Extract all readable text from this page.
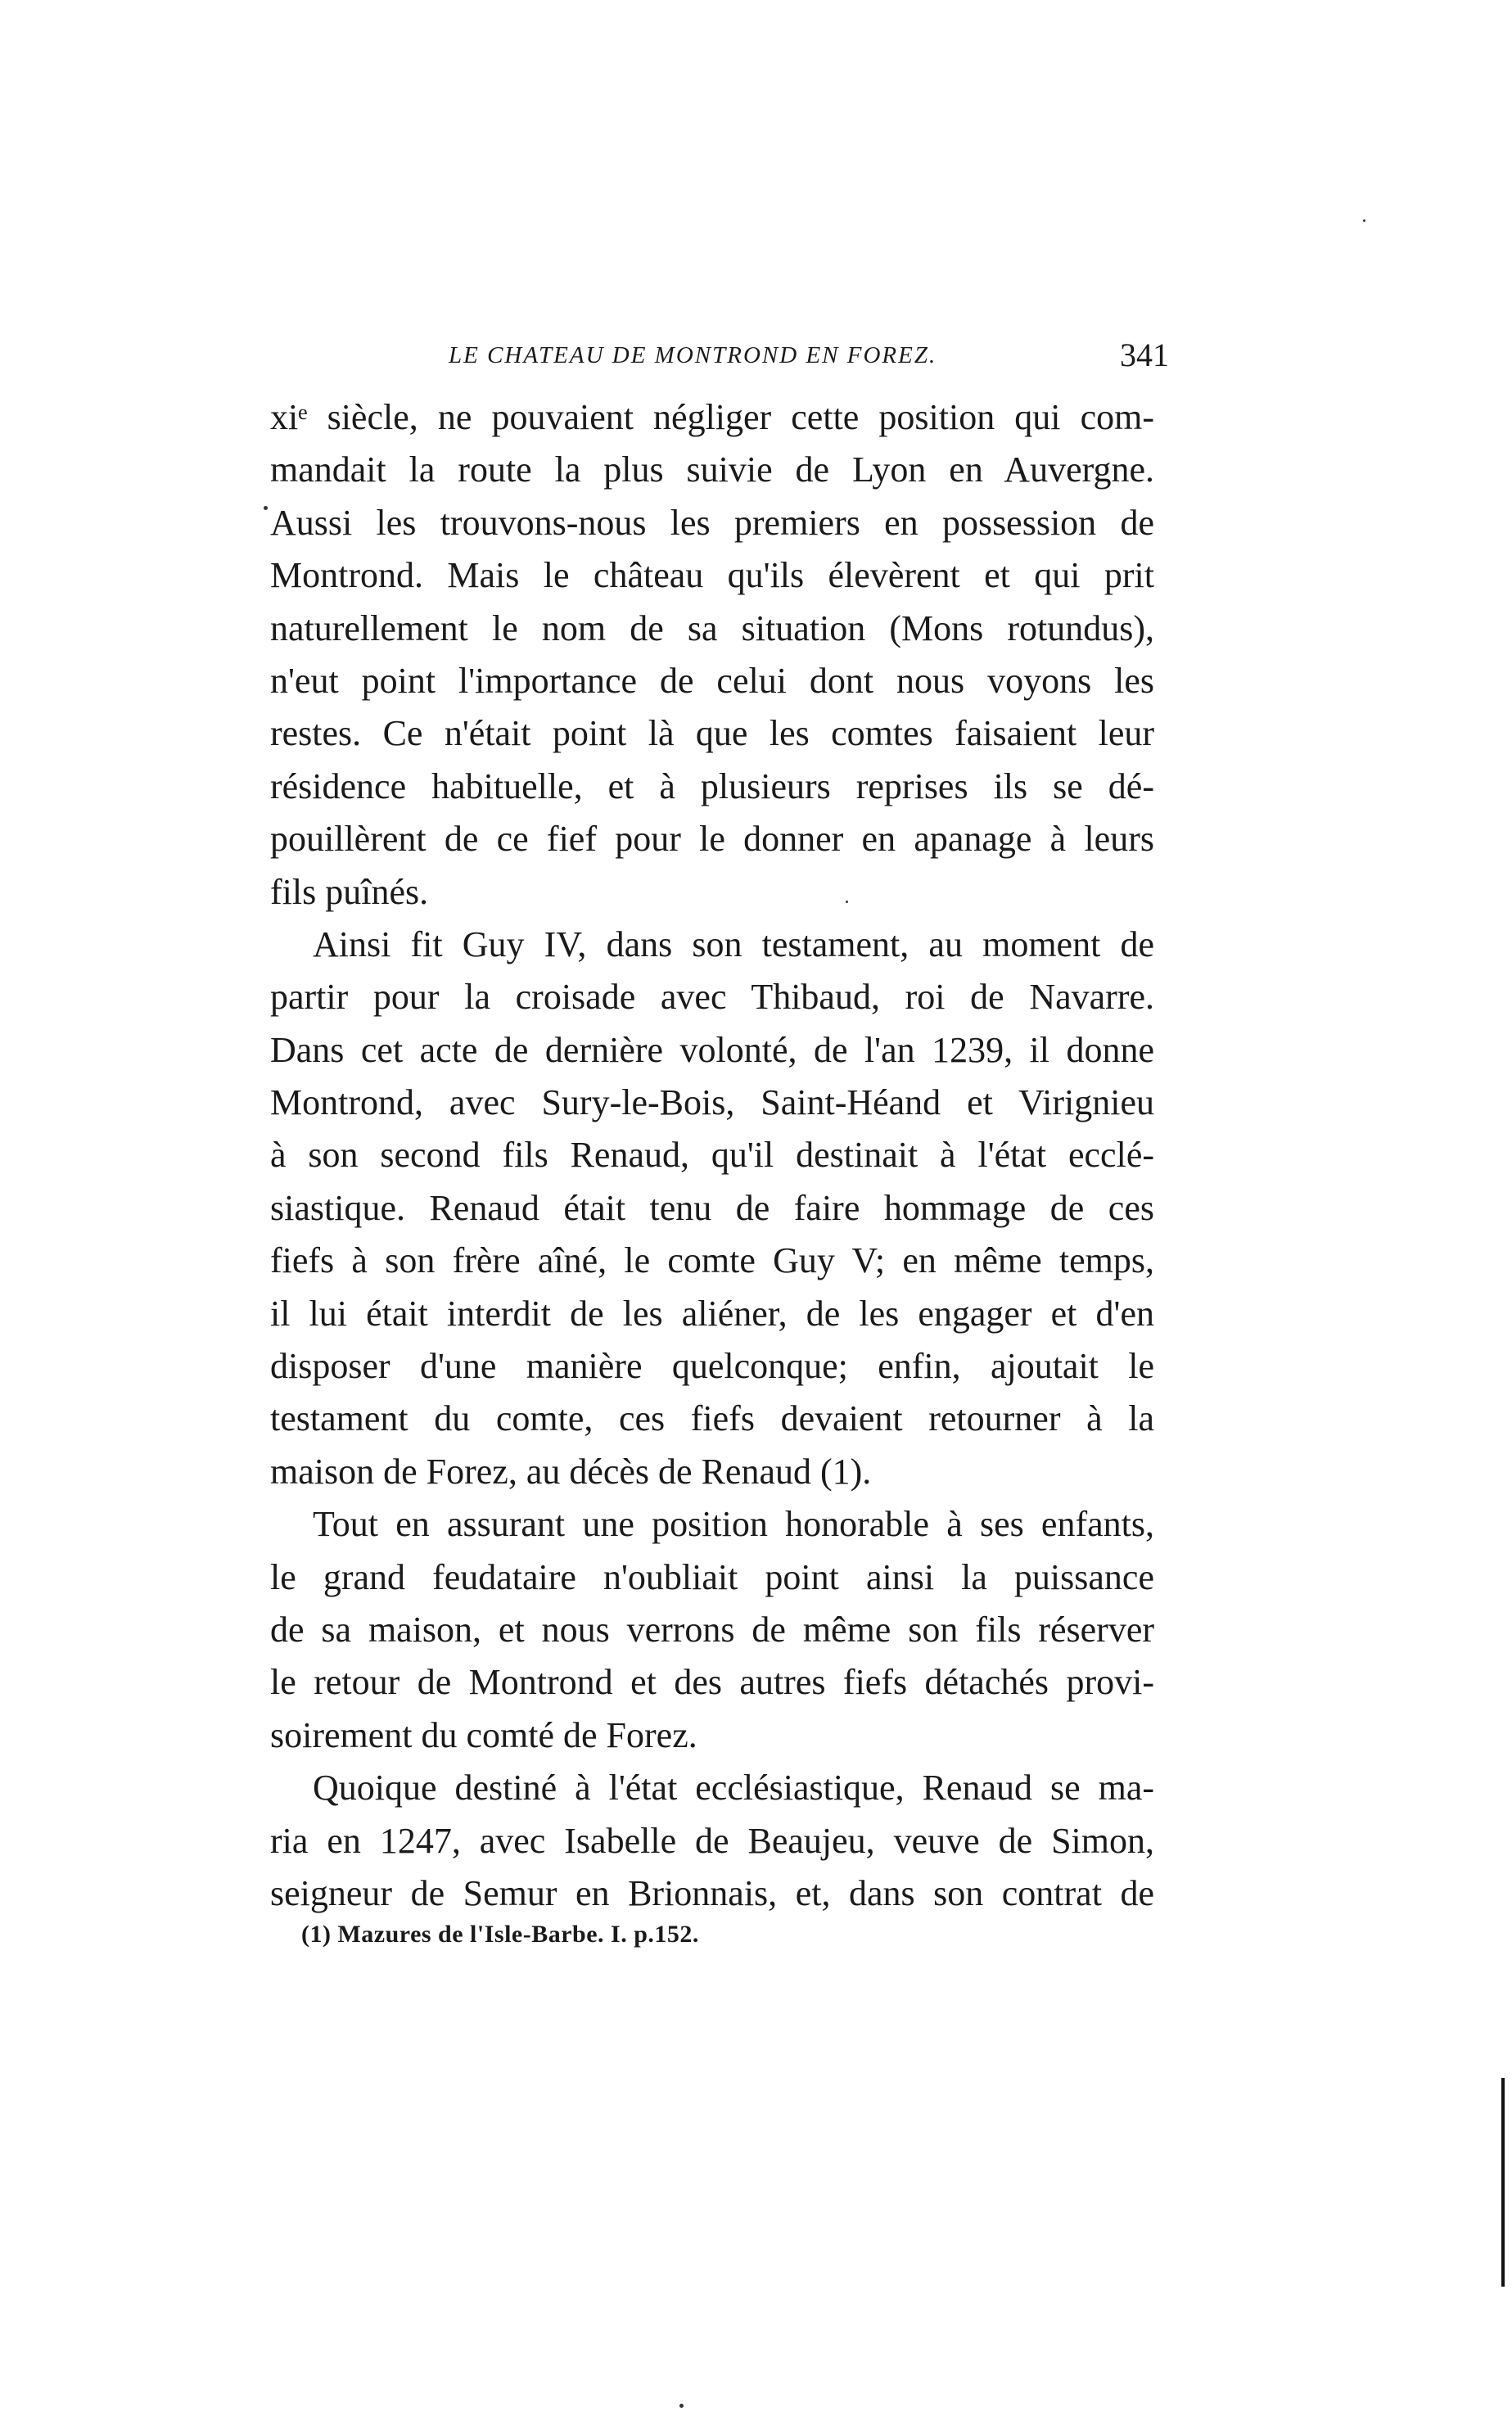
LE CHATEAU DE MONTROND EN FOREZ.	341
xiᵉ siècle, ne pouvaient négliger cette position qui com-
mandait la route la plus suivie de Lyon en Auvergne.
Aussi les trouvons-nous les premiers en possession de
Montrond. Mais le château qu'ils élevèrent et qui prit
naturellement le nom de sa situation (Mons rotundus),
n'eut point l'importance de celui dont nous voyons les
restes. Ce n'était point là que les comtes faisaient leur
résidence habituelle, et à plusieurs reprises ils se dé-
pouillèrent de ce fief pour le donner en apanage à leurs
fils puînés.
Ainsi fit Guy IV, dans son testament, au moment de
partir pour la croisade avec Thibaud, roi de Navarre.
Dans cet acte de dernière volonté, de l'an 1239, il donne
Montrond, avec Sury-le-Bois, Saint-Héand et Virignieu
à son second fils Renaud, qu'il destinait à l'état ecclé-
siastique. Renaud était tenu de faire hommage de ces
fiefs à son frère aîné, le comte Guy V; en même temps,
il lui était interdit de les aliéner, de les engager et d'en
disposer d'une manière quelconque; enfin, ajoutait le
testament du comte, ces fiefs devaient retourner à la
maison de Forez, au décès de Renaud (1).
Tout en assurant une position honorable à ses enfants,
le grand feudataire n'oubliait point ainsi la puissance
de sa maison, et nous verrons de même son fils réserver
le retour de Montrond et des autres fiefs détachés provi-
soirement du comté de Forez.
Quoique destiné à l'état ecclésiastique, Renaud se ma-
ria en 1247, avec Isabelle de Beaujeu, veuve de Simon,
seigneur de Semur en Brionnais, et, dans son contrat de
(1) Mazures de l'Isle-Barbe. I. p.152.
